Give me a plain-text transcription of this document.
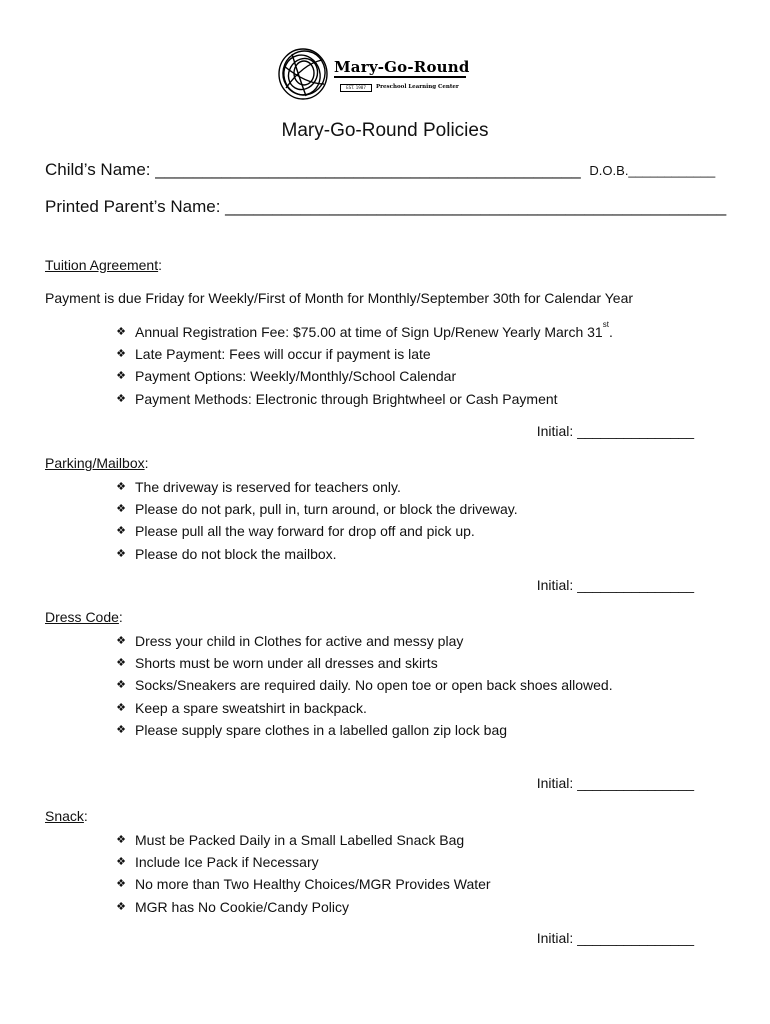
Mary-Go-Round
EST. 1987	Preschool Learning Center
Mary-Go-Round Policies
Child’s Name: _____________________________________________ D.O.B.____________
Printed Parent’s Name: _____________________________________________________
Tuition Agreement:
Payment is due Friday for Weekly/First of Month for Monthly/September 30th for Calendar Year
❖ Annual Registration Fee: $75.00 at time of Sign Up/Renew Yearly March 31st.
❖ Late Payment: Fees will occur if payment is late
❖ Payment Options: Weekly/Monthly/School Calendar
❖ Payment Methods: Electronic through Brightwheel or Cash Payment
Initial: _______________
Parking/Mailbox:
❖ The driveway is reserved for teachers only.
❖ Please do not park, pull in, turn around, or block the driveway.
❖ Please pull all the way forward for drop off and pick up.
❖ Please do not block the mailbox.
Initial: _______________
Dress Code:
❖ Dress your child in Clothes for active and messy play
❖ Shorts must be worn under all dresses and skirts
❖ Socks/Sneakers are required daily. No open toe or open back shoes allowed.
❖ Keep a spare sweatshirt in backpack.
❖ Please supply spare clothes in a labelled gallon zip lock bag
Initial: _______________
Snack:
❖ Must be Packed Daily in a Small Labelled Snack Bag
❖ Include Ice Pack if Necessary
❖ No more than Two Healthy Choices/MGR Provides Water
❖ MGR has No Cookie/Candy Policy
Initial: _______________
